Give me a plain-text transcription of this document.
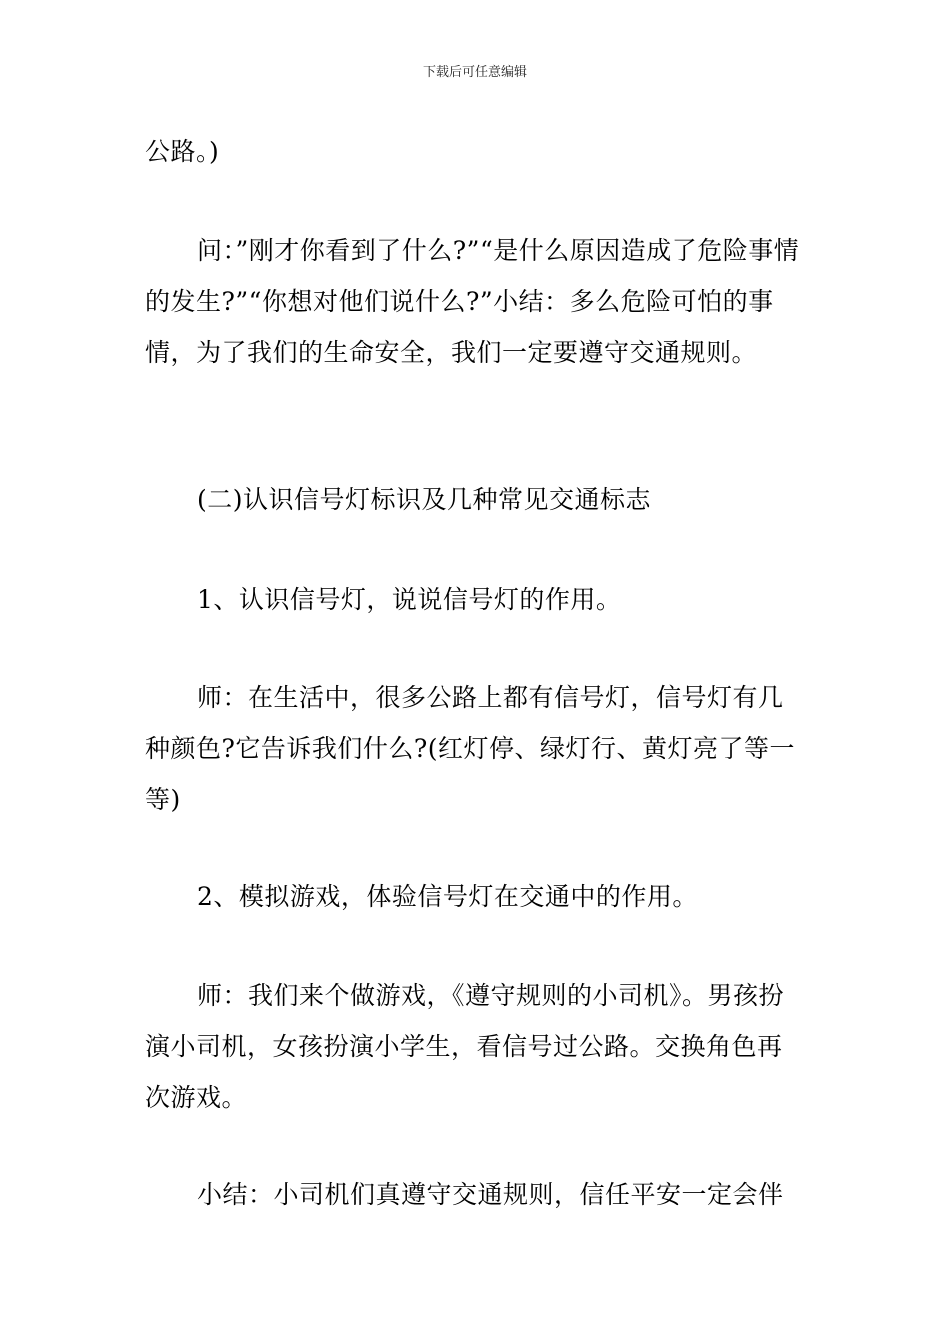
下载后可任意编辑

公路。)

问：”刚才你看到了什么?”“是什么原因造成了危险事情的发生?”“你想对他们说什么?”小结：多么危险可怕的事情，为了我们的生命安全，我们一定要遵守交通规则。

(二)认识信号灯标识及几种常见交通标志

1、认识信号灯，说说信号灯的作用。

师：在生活中，很多公路上都有信号灯，信号灯有几种颜色?它告诉我们什么?(红灯停、绿灯行、黄灯亮了等一等)

2、模拟游戏，体验信号灯在交通中的作用。

师：我们来个做游戏，《遵守规则的小司机》。男孩扮演小司机，女孩扮演小学生，看信号过公路。交换角色再次游戏。

小结：小司机们真遵守交通规则，信任平安一定会伴
